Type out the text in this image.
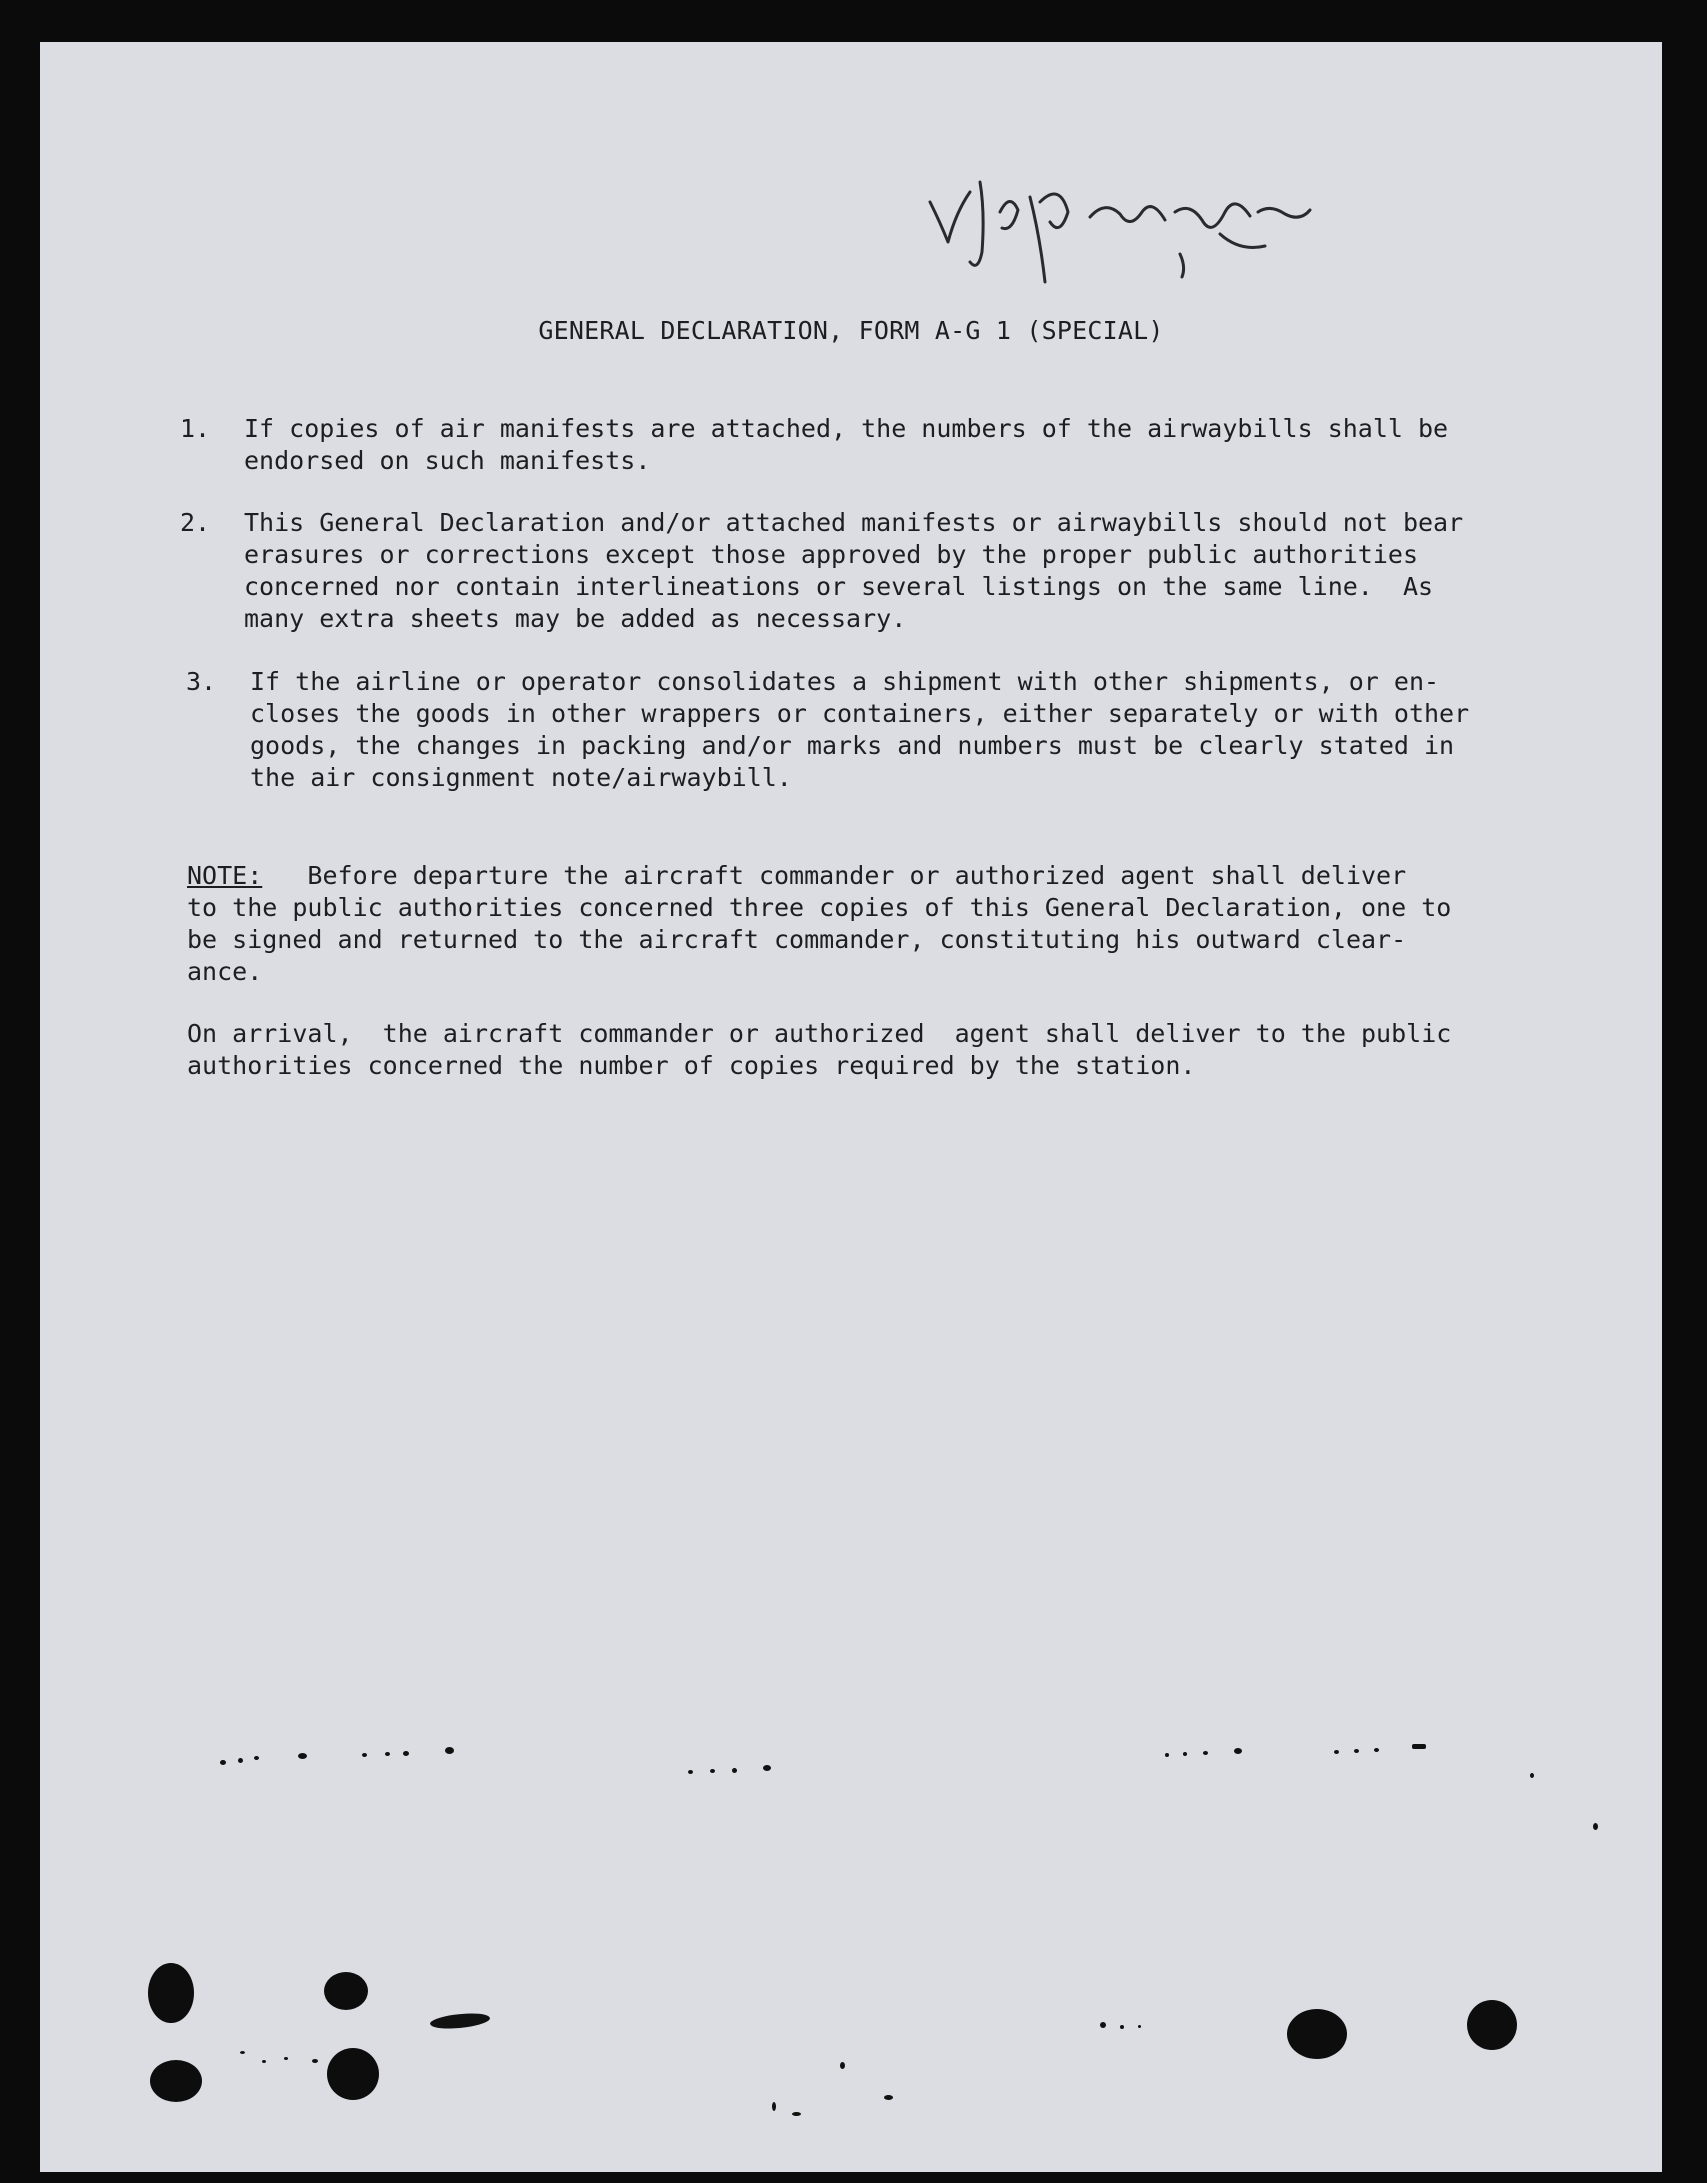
GENERAL DECLARATION, FORM A-G 1 (SPECIAL)
1. If copies of air manifests are attached, the numbers of the airwaybills shall be
endorsed on such manifests.
2. This General Declaration and/or attached manifests or airwaybills should not bear
erasures or corrections except those approved by the proper public authorities
concerned nor contain interlineations or several listings on the same line.  As
many extra sheets may be added as necessary.
3. If the airline or operator consolidates a shipment with other shipments, or en-
closes the goods in other wrappers or containers, either separately or with other
goods, the changes in packing and/or marks and numbers must be clearly stated in
the air consignment note/airwaybill.
NOTE:   Before departure the aircraft commander or authorized agent shall deliver
to the public authorities concerned three copies of this General Declaration, one to
be signed and returned to the aircraft commander, constituting his outward clear-
ance.
On arrival,  the aircraft commander or authorized  agent shall deliver to the public
authorities concerned the number of copies required by the station.
